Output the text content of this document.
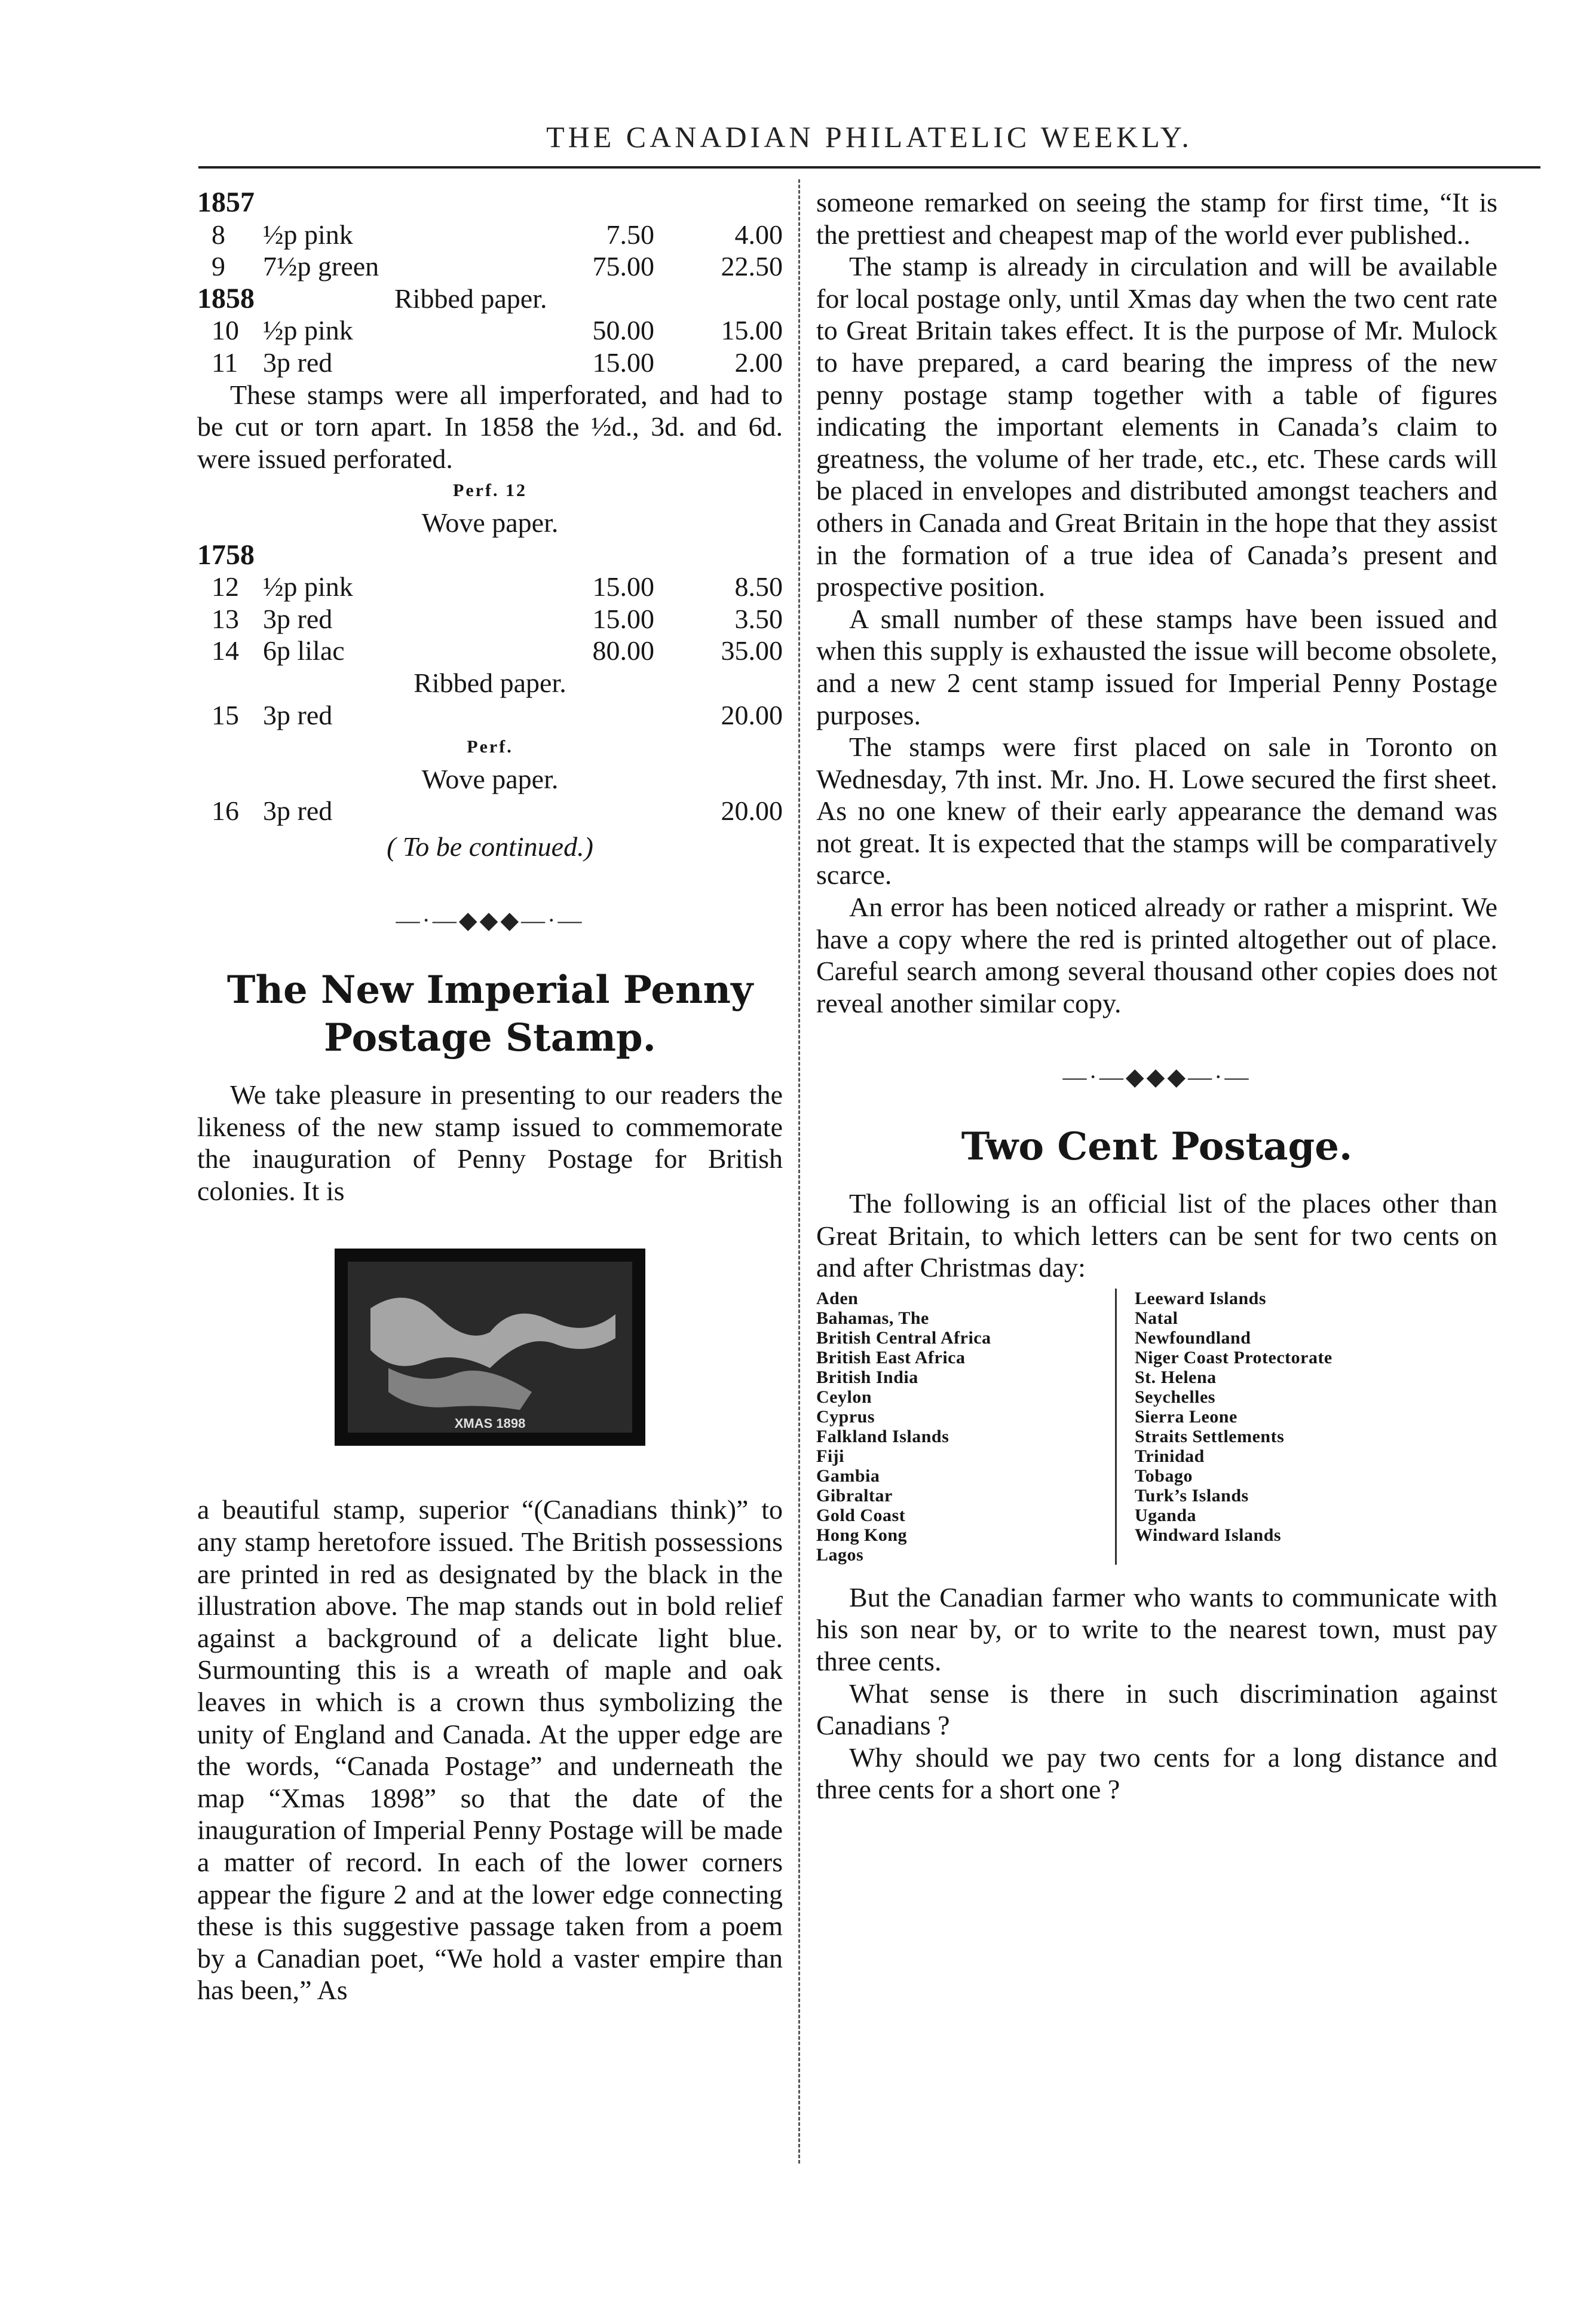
THE CANADIAN PHILATELIC WEEKLY.
1857
8	½p pink	7.50	4.00
9	7½p green	75.00 22.50
1858	Ribbed paper.
10 ½p pink	50.00 15.00
11 3p red	15.00	2.00

These stamps were all imperforated, and had to be cut or torn apart. In 1858 the ½d., 3d. and 6d. were issued perforated.

Perf. 12
Wove paper.
1758
12 ½p pink	15.00	8.50
13 3p red	15.00	3.50
14 6p lilac	80.00 35.00
Ribbed paper.
15 3p red	20.00
Perf.
Wove paper.
16 3p red	20.00
( To be continued.)
—·—◆◆◆—·—
The New Imperial Penny Postage Stamp.

We take pleasure in presenting to our readers the likeness of the new stamp issued to commemorate the inauguration of Penny Postage for British colonies. It is

XMAS 1898

a beautiful stamp, superior “(Canadians think)” to any stamp heretofore issued. The British possessions are printed in red as designated by the black in the illustration above. The map stands out in bold relief against a background of a delicate light blue. Surmounting this is a wreath of maple and oak leaves in which is a crown thus symbolizing the unity of England and Canada. At the upper edge are the words, “Canada Postage” and underneath the map “Xmas 1898” so that the date of the inauguration of Imperial Penny Postage will be made a matter of record. In each of the lower corners appear the figure 2 and at the lower edge connecting these is this suggestive passage taken from a poem by a Canadian poet, “We hold a vaster empire than has been,” As

someone remarked on seeing the stamp for first time, “It is the prettiest and cheapest map of the world ever published..

The stamp is already in circulation and will be available for local postage only, until Xmas day when the two cent rate to Great Britain takes effect. It is the purpose of Mr. Mulock to have prepared, a card bearing the impress of the new penny postage stamp together with a table of figures indicating the important elements in Canada’s claim to greatness, the volume of her trade, etc., etc. These cards will be placed in envelopes and distributed amongst teachers and others in Canada and Great Britain in the hope that they assist in the formation of a true idea of Canada’s present and prospective position.

A small number of these stamps have been issued and when this supply is exhausted the issue will become obsolete, and a new 2 cent stamp issued for Imperial Penny Postage purposes.

The stamps were first placed on sale in Toronto on Wednesday, 7th inst. Mr. Jno. H. Lowe secured the first sheet. As no one knew of their early appearance the demand was not great. It is expected that the stamps will be comparatively scarce.

An error has been noticed already or rather a misprint. We have a copy where the red is printed altogether out of place. Careful search among several thousand other copies does not reveal another similar copy.

—·—◆◆◆—·—
Two Cent Postage.

The following is an official list of the places other than Great Britain, to which letters can be sent for two cents on and after Christmas day:

Aden
Bahamas, The
British Central Africa
British East Africa
British India
Ceylon
Cyprus
Falkland Islands
Fiji
Gambia
Gibraltar
Gold Coast
Hong Kong
Lagos
Leeward Islands
Natal
Newfoundland
Niger Coast Protectorate
St. Helena
Seychelles
Sierra Leone
Straits Settlements
Trinidad
Tobago
Turk’s Islands
Uganda
Windward Islands

But the Canadian farmer who wants to communicate with his son near by, or to write to the nearest town, must pay three cents.

What sense is there in such discrimination against Canadians ?

Why should we pay two cents for a long distance and three cents for a short one ?
